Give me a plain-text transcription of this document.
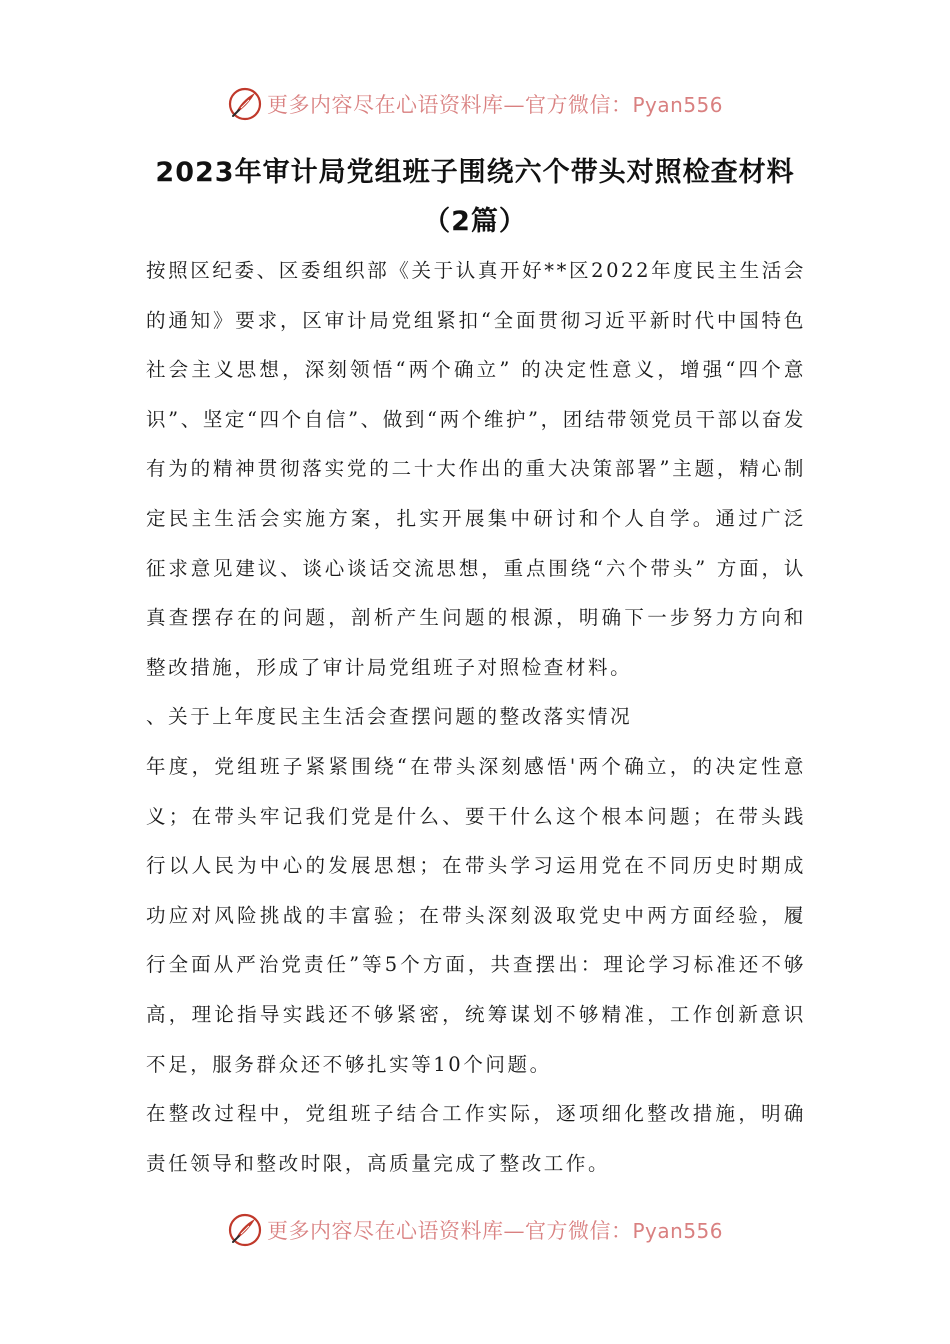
更多内容尽在心语资料库—官方微信：Pyan556
2023年审计局党组班子围绕六个带头对照检查材料
（2篇）

按照区纪委、区委组织部《关于认真开好**区2022年度民主生活会的通知》要求，区审计局党组紧扣“全面贯彻习近平新时代中国特色社会主义思想，深刻领悟“两个确立” 的决定性意义，增强“四个意识”、坚定“四个自信”、做到“两个维护”，团结带领党员干部以奋发有为的精神贯彻落实党的二十大作出的重大决策部署”主题，精心制定民主生活会实施方案，扎实开展集中研讨和个人自学。通过广泛征求意见建议、谈心谈话交流思想，重点围绕“六个带头” 方面，认真查摆存在的问题，剖析产生问题的根源，明确下一步努力方向和整改措施，形成了审计局党组班子对照检查材料。

、关于上年度民主生活会查摆问题的整改落实情况

年度，党组班子紧紧围绕“在带头深刻感悟'两个确立，的决定性意义；在带头牢记我们党是什么、要干什么这个根本问题；在带头践行以人民为中心的发展思想；在带头学习运用党在不同历史时期成功应对风险挑战的丰富验；在带头深刻汲取党史中两方面经验，履行全面从严治党责任”等5个方面，共查摆出：理论学习标准还不够高，理论指导实践还不够紧密，统筹谋划不够精准，工作创新意识不足，服务群众还不够扎实等10个问题。

在整改过程中，党组班子结合工作实际，逐项细化整改措施，明确责任领导和整改时限，高质量完成了整改工作。

更多内容尽在心语资料库—官方微信：Pyan556
